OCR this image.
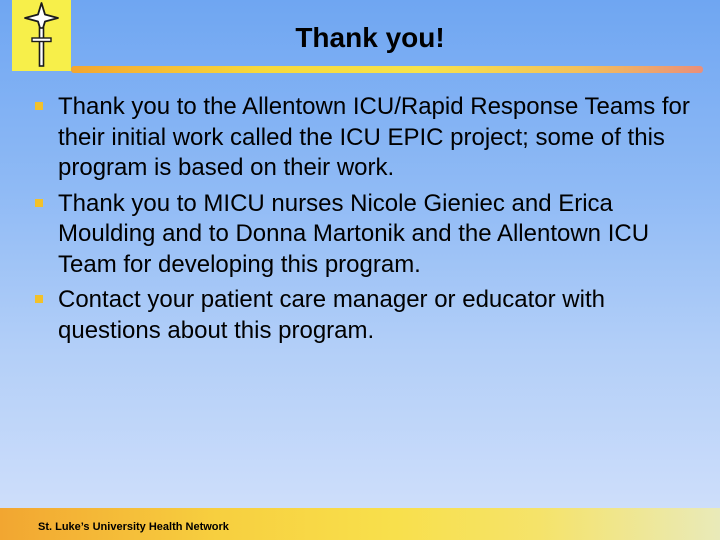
Thank you!
Thank you to the Allentown ICU/Rapid Response Teams for their initial work called the ICU EPIC project; some of this program is based on their work.
Thank you to MICU nurses Nicole Gieniec and Erica Moulding and to Donna Martonik and the Allentown ICU Team for developing this program.
Contact your patient care manager or educator with questions about this program.
St. Luke’s University Health Network
